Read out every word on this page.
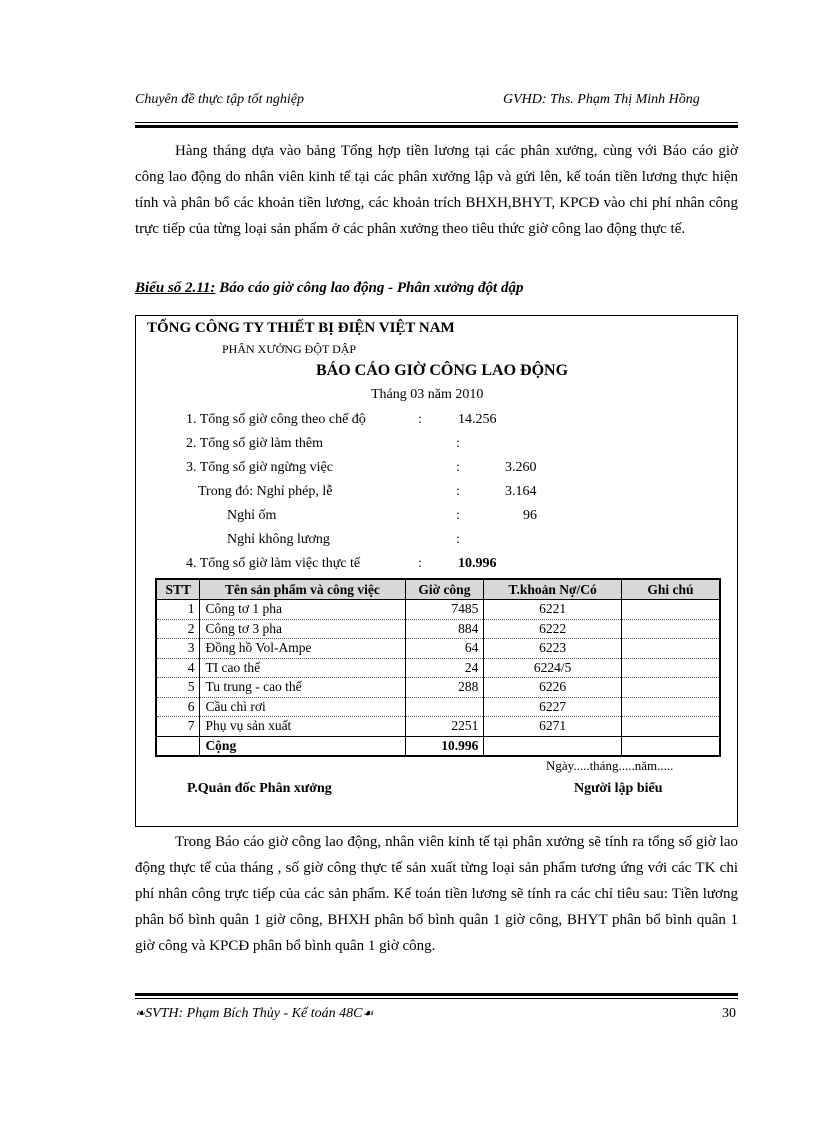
Chuyên đề thực tập tốt nghiệp	GVHD: Ths. Phạm Thị Minh Hồng
Hàng tháng dựa vào bảng Tổng hợp tiền lương tại các phân xưởng, cùng với Báo cáo giờ công lao động do nhân viên kinh tế tại các phân xưởng lập và gửi lên, kế toán tiền lương thực hiện tính và phân bổ các khoản tiền lương, các khoản trích BHXH,BHYT, KPCĐ vào chi phí nhân công trực tiếp của từng loại sản phẩm ở các phân xưởng theo tiêu thức giờ công lao động thực tế.
Biểu số 2.11: Báo cáo giờ công lao động - Phân xưởng đột dập
TỔNG CÔNG TY THIẾT BỊ ĐIỆN VIỆT NAM
PHÂN XƯỞNG ĐỘT DẬP
BÁO CÁO GIỜ CÔNG LAO ĐỘNG
Tháng 03 năm 2010
1. Tổng số giờ công theo chế độ	:	14.256
2. Tổng số giờ làm thêm	:
3. Tổng số giờ ngừng việc	:	3.260
Trong đó: Nghỉ phép, lễ	:	3.164
Nghỉ ốm	:	96
Nghỉ không lương	:
4. Tổng số giờ làm việc thực tế	:	10.996
STT	Tên sản phẩm và công việc	Giờ công	T.khoản Nợ/Có	Ghi chú
1	Công tơ 1 pha	7485	6221	
2	Công tơ 3 pha	884	6222	
3	Đồng hồ Vol-Ampe	64	6223	
4	TI cao thế	24	6224/5	
5	Tu trung - cao thế	288	6226	
6	Cầu chì rơi		6227	
7	Phụ vụ sản xuất	2251	6271	
	Cộng	10.996		
Ngày.....tháng.....năm.....
P.Quản đốc Phân xưởng	Người lập biểu
Trong Báo cáo giờ công lao động, nhân viên kinh tế tại phân xưởng sẽ tính ra tổng số giờ lao động thực tế của tháng , số giờ công thực tế sản xuất từng loại sản phẩm tương ứng với các TK chi phí nhân công trực tiếp của các sản phẩm. Kế toán tiền lương sẽ tính ra các chỉ tiêu sau: Tiền lương phân bổ bình quân 1 giờ công, BHXH phân bổ bình quân 1 giờ công, BHYT phân bổ bình quân 1 giờ công và KPCĐ phân bổ bình quân 1 giờ công.
❧SVTH: Phạm Bích Thủy - Kế toán 48C☙	30
